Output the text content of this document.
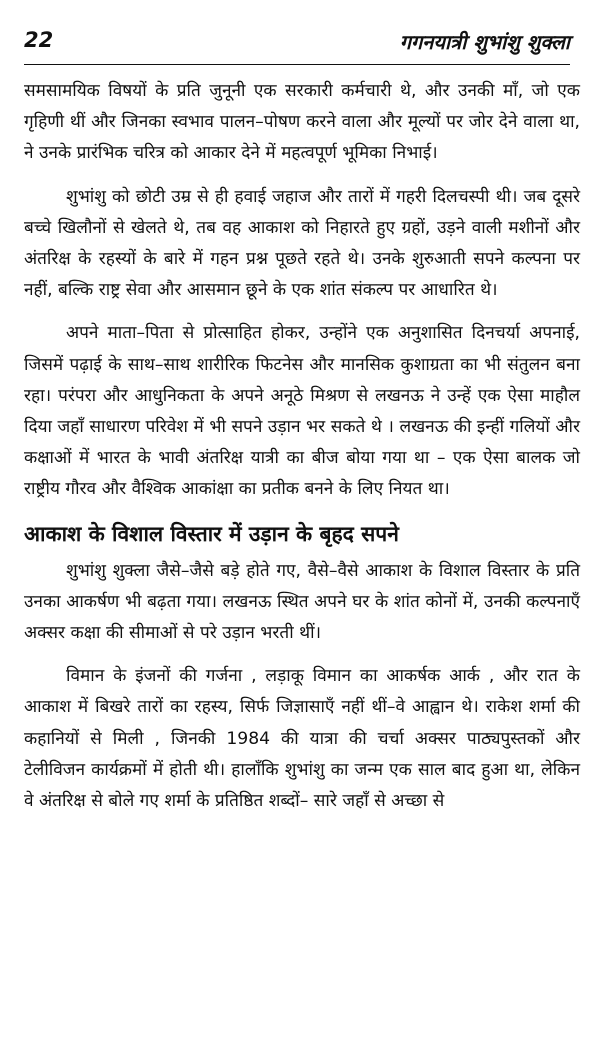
22	गगनयात्री शुभांशु शुक्ला

समसामयिक विषयों के प्रति जुनूनी एक सरकारी कर्मचारी थे, और उनकी माँ, जो एक गृहिणी थीं और जिनका स्वभाव पालन–पोषण करने वाला और मूल्यों पर जोर देने वाला था, ने उनके प्रारंभिक चरित्र को आकार देने में महत्वपूर्ण भूमिका निभाई।

शुभांशु को छोटी उम्र से ही हवाई जहाज और तारों में गहरी दिलचस्पी थी। जब दूसरे बच्चे खिलौनों से खेलते थे, तब वह आकाश को निहारते हुए ग्रहों, उड़ने वाली मशीनों और अंतरिक्ष के रहस्यों के बारे में गहन प्रश्न पूछते रहते थे। उनके शुरुआती सपने कल्पना पर नहीं, बल्कि राष्ट्र सेवा और आसमान छूने के एक शांत संकल्प पर आधारित थे।

अपने माता–पिता से प्रोत्साहित होकर, उन्होंने एक अनुशासित दिनचर्या अपनाई, जिसमें पढ़ाई के साथ–साथ शारीरिक फिटनेस और मानसिक कुशाग्रता का भी संतुलन बना रहा। परंपरा और आधुनिकता के अपने अनूठे मिश्रण से लखनऊ ने उन्हें एक ऐसा माहौल दिया जहाँ साधारण परिवेश में भी सपने उड़ान भर सकते थे । लखनऊ की इन्हीं गलियों और कक्षाओं में भारत के भावी अंतरिक्ष यात्री का बीज बोया गया था – एक ऐसा बालक जो राष्ट्रीय गौरव और वैश्विक आकांक्षा का प्रतीक बनने के लिए नियत था।

आकाश के विशाल विस्तार में उड़ान के बृहद सपने

शुभांशु शुक्ला जैसे–जैसे बड़े होते गए, वैसे–वैसे आकाश के विशाल विस्तार के प्रति उनका आकर्षण भी बढ़ता गया। लखनऊ स्थित अपने घर के शांत कोनों में, उनकी कल्पनाएँ अक्सर कक्षा की सीमाओं से परे उड़ान भरती थीं।

विमान के इंजनों की गर्जना , लड़ाकू विमान का आकर्षक आर्क , और रात के आकाश में बिखरे तारों का रहस्य, सिर्फ जिज्ञासाएँ नहीं थीं–वे आह्वान थे। राकेश शर्मा की कहानियों से मिली , जिनकी 1984 की यात्रा की चर्चा अक्सर पाठ्यपुस्तकों और टेलीविजन कार्यक्रमों में होती थी। हालाँकि शुभांशु का जन्म एक साल बाद हुआ था, लेकिन वे अंतरिक्ष से बोले गए शर्मा के प्रतिष्ठित शब्दों– सारे जहाँ से अच्छा से
